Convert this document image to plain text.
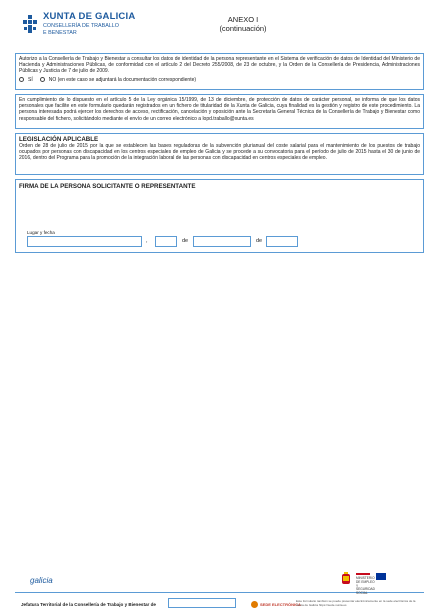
XUNTA DE GALICIA
CONSELLERÍA DE TRABALLO
E BENESTAR
ANEXO I
(continuación)
Autorizo a la Consellería de Trabajo y Bienestar a consultar los datos de identidad de la persona representante en el Sistema de verificación de datos de Identidad del Ministerio de Hacienda y Administraciones Públicas, de conformidad con el artículo 2 del Decreto 255/2008, de 23 de octubre, y la Orden de la Consellería de Presidencia, Administraciones Públicas y Justicia de 7 de julio de 2009.
SÍ	NO (en este caso se adjuntará la documentación correspondiente)
En cumplimiento de lo dispuesto en el artículo 5 de la Ley orgánica 15/1999, de 13 de diciembre, de protección de datos de carácter personal, se informa de que los datos personales que facilite en este formulario quedarán registrados en un fichero de titularidad de la Xunta de Galicia, cuya finalidad es la gestión y registro de este procedimiento. La persona interesada podrá ejercer los derechos de acceso, rectificación, cancelación y oposición ante la Secretaría General Técnica de la Consellería de Trabajo y Bienestar como responsable del fichero, solicitándolo mediante el envío de un correo electrónico a lopd.traballo@xunta.es
LEGISLACIÓN APLICABLE
Orden de 28 de julio de 2015 por la que se establecen las bases reguladoras de la subvención plurianual del coste salarial para el mantenimiento de los puestos de trabajo ocupados por personas con discapacidad en los centros especiales de empleo de Galicia y se procede a su convocatoria para el período de julio de 2015 hasta el 30 de junio de 2016, dentro del Programa para la promoción de la integración laboral de las personas con discapacidad en centros especiales de empleo.
FIRMA DE LA PERSONA SOLICITANTE O REPRESENTANTE
Lugar y fecha
,	de	de
galicia	MINISTERIO DE EMPLEO Y SEGURIDAD SOCIAL
Jefatura Territorial de la Consellería de Trabajo y Bienestar de	SEDE ELECTRÓNICA
Este formulario también se puede presentar electrónicamente en la sede electrónica de la Xunta de Galicia https://sede.xunta.es
